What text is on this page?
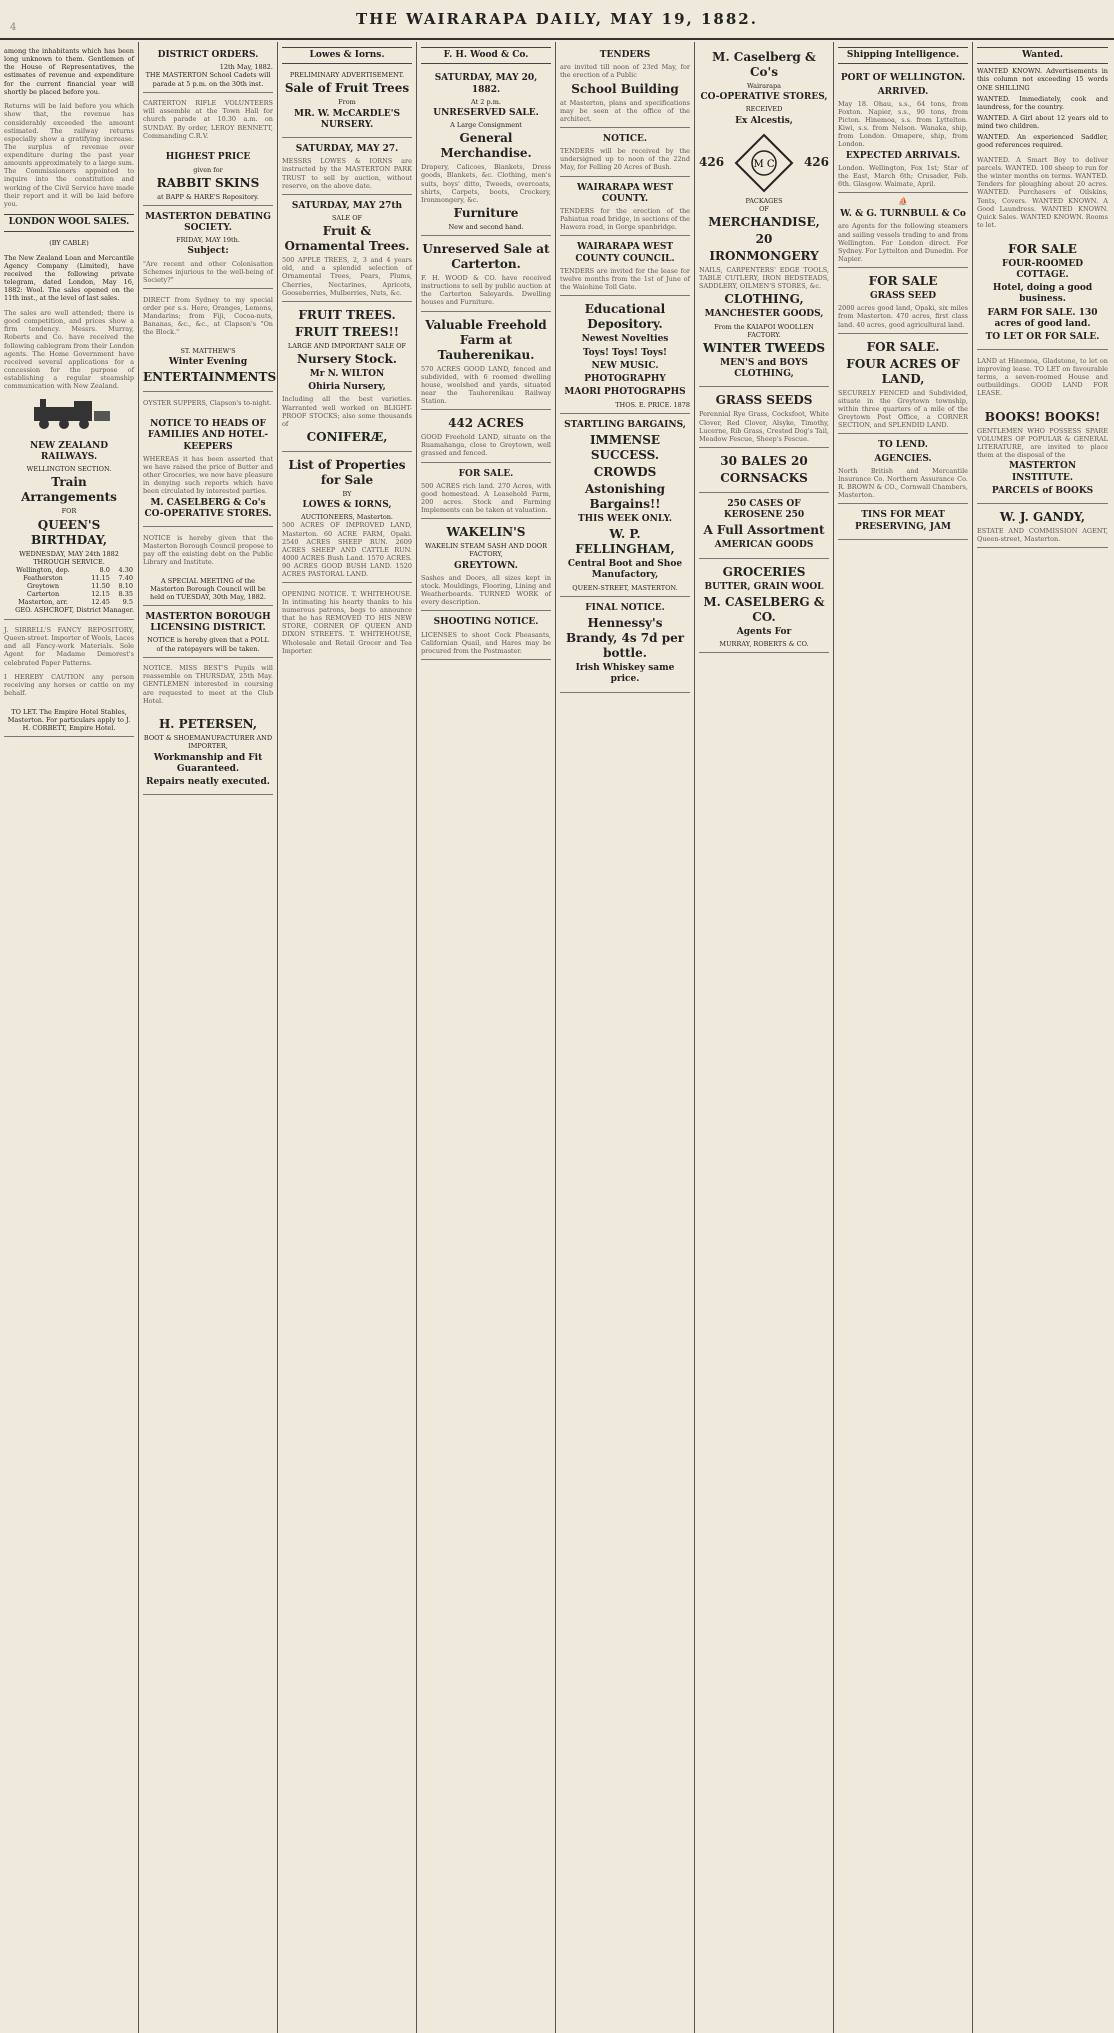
4	THE WAIRARAPA DAILY, MAY 19, 1882.

among the inhabitants which has been long unknown to them. Gentlemen of the House of Representatives, the estimates of revenue and expenditure for the current financial year will shortly be placed before you.

Returns will be laid before you which show that, the revenue has considerably exceeded the amount estimated. The railway returns especially show a gratifying increase. The surplus of revenue over expenditure during the past year amounts approximately to a large sum. The Commissioners appointed to inquire into the constitution and working of the Civil Service have made their report and it will be laid before you.

LONDON WOOL SALES.
(BY CABLE)

The New Zealand Loan and Mercantile Agency Company (Limited), have received the following private telegram, dated London, May 16, 1882: Wool. The sales opened on the 11th inst., at the level of last sales.

The sales are well attended; there is good competition, and prices show a firm tendency. Messrs. Murray, Roberts and Co. have received the following cablegram from their London agents. The Home Government have received several applications for a concession for the purpose of establishing a regular steamship communication with New Zealand.

NEW ZEALAND RAILWAYS.
WELLINGTON SECTION.
Train Arrangements
FOR
QUEEN'S BIRTHDAY,
WEDNESDAY, MAY 24th 1882
THROUGH SERVICE.
Wellington, dep.	8.0	4.30
Featherston	11.15	7.40
Greytown	11.50	8.10
Carterton	12.15	8.35
Masterton, arr.	12.45	9.5
GEO. ASHCROFT, District Manager.

J. SIRRELL'S FANCY REPOSITORY, Queen-street. Importer of Wools, Laces and all Fancy-work Materials. Sole Agent for Madame Demorest's celebrated Paper Patterns.

I HEREBY CAUTION any person receiving any horses or cattle on my behalf.

TO LET. The Empire Hotel Stables, Masterton. For particulars apply to J. H. CORBETT, Empire Hotel.
DISTRICT ORDERS.
12th May, 1882.
THE MASTERTON School Cadets will parade at 5 p.m. on the 30th inst.

CARTERTON RIFLE VOLUNTEERS will assemble at the Town Hall for church parade at 10.30 a.m. on SUNDAY. By order, LEROY BENNETT, Commanding C.R.V.

HIGHEST PRICE
given for
RABBIT SKINS
at BAPP & HARE'S Repository.
MASTERTON DEBATING SOCIETY.
FRIDAY, MAY 19th.
Subject:
"Are recent and other Colonisation Schemes injurious to the well-being of Society?"

DIRECT from Sydney to my special order per s.s. Hero, Oranges, Lemons, Mandarins; from Fiji, Cocoa-nuts, Bananas, &c., &c., at Clapson's "On the Block."

ST. MATTHEW'S
Winter Evening
ENTERTAINMENTS

OYSTER SUPPERS, Clapson's to-night.

NOTICE TO HEADS OF FAMILIES AND HOTEL-KEEPERS
WHEREAS it has been asserted that we have raised the price of Butter and other Groceries, we now have pleasure in denying such reports which have been circulated by interested parties.
M. CASELBERG & Co's CO-OPERATIVE STORES.

NOTICE is hereby given that the Masterton Borough Council propose to pay off the existing debt on the Public Library and Institute.

A SPECIAL MEETING of the Masterton Borough Council will be held on TUESDAY, 30th May, 1882.
MASTERTON BOROUGH LICENSING DISTRICT.
NOTICE is hereby given that a POLL of the ratepayers will be taken.

NOTICE. MISS BEST'S Pupils will reassemble on THURSDAY, 25th May. GENTLEMEN interested in coursing are requested to meet at the Club Hotel.

H. PETERSEN,
BOOT & SHOEMANUFACTURER AND IMPORTER,
Workmanship and Fit Guaranteed.
Repairs neatly executed.
Lowes & Iorns.
PRELIMINARY ADVERTISEMENT.
Sale of Fruit Trees
From
MR. W. McCARDLE'S NURSERY.
SATURDAY, MAY 27.
MESSRS LOWES & IORNS are instructed by the MASTERTON PARK TRUST to sell by auction, without reserve, on the above date.
SATURDAY, MAY 27th
SALE OF
Fruit & Ornamental Trees.
500 APPLE TREES, 2, 3 and 4 years old, and a splendid selection of Ornamental Trees, Pears, Plums, Cherries, Nectarines, Apricots, Gooseberries, Mulberries, Nuts, &c.
FRUIT TREES.
FRUIT TREES!!
LARGE AND IMPORTANT SALE OF
Nursery Stock.
Mr N. WILTON
Ohiria Nursery,
Including all the best varieties. Warranted well worked on BLIGHT-PROOF STOCKS; also some thousands of
CONIFERÆ,
List of Properties for Sale
BY
LOWES & IORNS,
AUCTIONEERS, Masterton.
500 ACRES OF IMPROVED LAND, Masterton. 60 ACRE FARM, Opaki. 2540 ACRES SHEEP RUN. 2609 ACRES SHEEP AND CATTLE RUN. 4000 ACRES Bush Land. 1570 ACRES. 90 ACRES GOOD BUSH LAND. 1520 ACRES PASTORAL LAND.

OPENING NOTICE. T. WHITEHOUSE. In intimating his hearty thanks to his numerous patrons, begs to announce that he has REMOVED TO HIS NEW STORE, CORNER OF QUEEN AND DIXON STREETS. T. WHITEHOUSE, Wholesale and Retail Grocer and Tea Importer.

F. H. Wood & Co.
SATURDAY, MAY 20, 1882.
At 2 p.m.
UNRESERVED SALE.
A Large Consignment
General Merchandise.
Drapery, Calicoes, Blankets, Dress goods, Blankets, &c. Clothing, men's suits, boys' ditto, Tweeds, overcoats, shirts, Carpets, boots, Crockery, Ironmongery, &c.
Furniture
New and second hand.
Unreserved Sale at Carterton.
F. H. WOOD & CO. have received instructions to sell by public auction at the Carterton Saleyards. Dwelling houses and Furniture.
Valuable Freehold Farm at Tauherenikau.
570 ACRES GOOD LAND, fenced and subdivided, with 6 roomed dwelling house, woolshed and yards, situated near the Tauherenikau Railway Station.
442 ACRES
GOOD Freehold LAND, situate on the Ruamahanga, close to Greytown, well grassed and fenced.
FOR SALE.
500 ACRES rich land. 270 Acres, with good homestead. A Leasehold Farm, 200 acres. Stock and Farming Implements can be taken at valuation.
WAKELIN'S
WAKELIN STEAM SASH AND DOOR FACTORY,
GREYTOWN.
Sashes and Doors, all sizes kept in stock. Mouldings, Flooring, Lining and Weatherboards. TURNED WORK of every description.
SHOOTING NOTICE.
LICENSES to shoot Cock Pheasants, Californian Quail, and Hares may be procured from the Postmaster.
TENDERS
are invited till noon of 23rd May, for the erection of a Public
School Building
at Masterton, plans and specifications may be seen at the office of the architect.
NOTICE.
TENDERS will be received by the undersigned up to noon of the 22nd May, for Felling 20 Acres of Bush.
WAIRARAPA WEST COUNTY.
TENDERS for the erection of the Pahiatua road bridge, in sections of the Hawera road, in Gorge spanbridge.
WAIRARAPA WEST COUNTY COUNCIL.
TENDERS are invited for the lease for twelve months from the 1st of June of the Waiohine Toll Gate.
Educational Depository.
Newest Novelties
Toys! Toys! Toys!
NEW MUSIC.
PHOTOGRAPHY
MAORI PHOTOGRAPHS
THOS. E. PRICE. 1878
STARTLING BARGAINS,
IMMENSE SUCCESS.
CROWDS
Astonishing Bargains!!
THIS WEEK ONLY.
W. P. FELLINGHAM,
Central Boot and Shoe Manufactory,
QUEEN-STREET, MASTERTON.
FINAL NOTICE.
Hennessy's Brandy, 4s 7d per bottle.
Irish Whiskey same price.
M. Caselberg & Co's
Wairarapa
CO-OPERATIVE STORES,
RECEIVED
Ex Alcestis,
426	M C 426
PACKAGES
OF
MERCHANDISE,
20
IRONMONGERY
NAILS, CARPENTERS' EDGE TOOLS, TABLE CUTLERY, IRON BEDSTEADS, SADDLERY, OILMEN'S STORES, &c.
CLOTHING,
MANCHESTER GOODS,
From the KAIAPOI WOOLLEN FACTORY.
WINTER TWEEDS
MEN'S and BOYS CLOTHING,
GRASS SEEDS
Perennial Rye Grass, Cocksfoot, White Clover, Red Clover, Alsyke, Timothy, Lucerne, Rib Grass, Crested Dog's Tail, Meadow Fescue, Sheep's Fescue.
30 BALES 20
CORNSACKS
250 CASES OF KEROSENE 250
A Full Assortment
AMERICAN GOODS
GROCERIES
BUTTER, GRAIN WOOL
M. CASELBERG & CO.
Agents For
MURRAY, ROBERTS & CO.
Shipping Intelligence.
PORT OF WELLINGTON.
ARRIVED.
May 18. Ohau, s.s., 64 tons, from Foxton. Napier, s.s., 90 tons, from Picton. Hinemoa, s.s. from Lyttelton. Kiwi, s.s. from Nelson. Wanaka, ship, from London. Omapere, ship, from London.
EXPECTED ARRIVALS.
London. Wellington, Fox 1st; Star of the East, March 6th; Crusader, Feb. 6th. Glasgow. Waimate, April.
⛵
W. & G. TURNBULL & Co
are Agents for the following steamers and sailing vessels trading to and from Wellington. For London direct. For Sydney. For Lyttelton and Dunedin. For Napier.
FOR SALE
GRASS SEED
2000 acres good land, Opaki, six miles from Masterton. 470 acres, first class land. 40 acres, good agricultural land.
FOR SALE.
FOUR ACRES OF LAND,
SECURELY FENCED and Subdivided, situate in the Greytown township, within three quarters of a mile of the Greytown Post Office, a CORNER SECTION, and SPLENDID LAND.
TO LEND.
AGENCIES.
North British and Mercantile Insurance Co. Northern Assurance Co. R. BROWN & CO., Cornwall Chambers, Masterton.
TINS FOR MEAT PRESERVING, JAM
Wanted.

WANTED KNOWN. Advertisements in this column not exceeding 15 words ONE SHILLING

WANTED. Immediately, cook and laundress, for the country.

WANTED. A Girl about 12 years old to mind two children.

WANTED. An experienced Saddler, good references required.

WANTED. A Smart Boy to deliver parcels. WANTED. 100 sheep to run for the winter months on terms. WANTED. Tenders for ploughing about 20 acres. WANTED. Purchasers of Oilskins, Tents, Covers. WANTED KNOWN. A Good Laundress. WANTED KNOWN. Quick Sales. WANTED KNOWN. Rooms to let.

FOR SALE
FOUR-ROOMED COTTAGE.
Hotel, doing a good business.
FARM FOR SALE. 130 acres of good land.
TO LET OR FOR SALE.

LAND at Hinemoa, Gladstone, to let on improving lease. TO LET on favourable terms, a seven-roomed House and outbuildings. GOOD LAND FOR LEASE.

BOOKS! BOOKS!
GENTLEMEN WHO POSSESS SPARE VOLUMES OF POPULAR & GENERAL LITERATURE, are invited to place them at the disposal of the
MASTERTON INSTITUTE.
PARCELS of BOOKS
W. J. GANDY,
ESTATE AND COMMISSION AGENT, Queen-street, Masterton.
